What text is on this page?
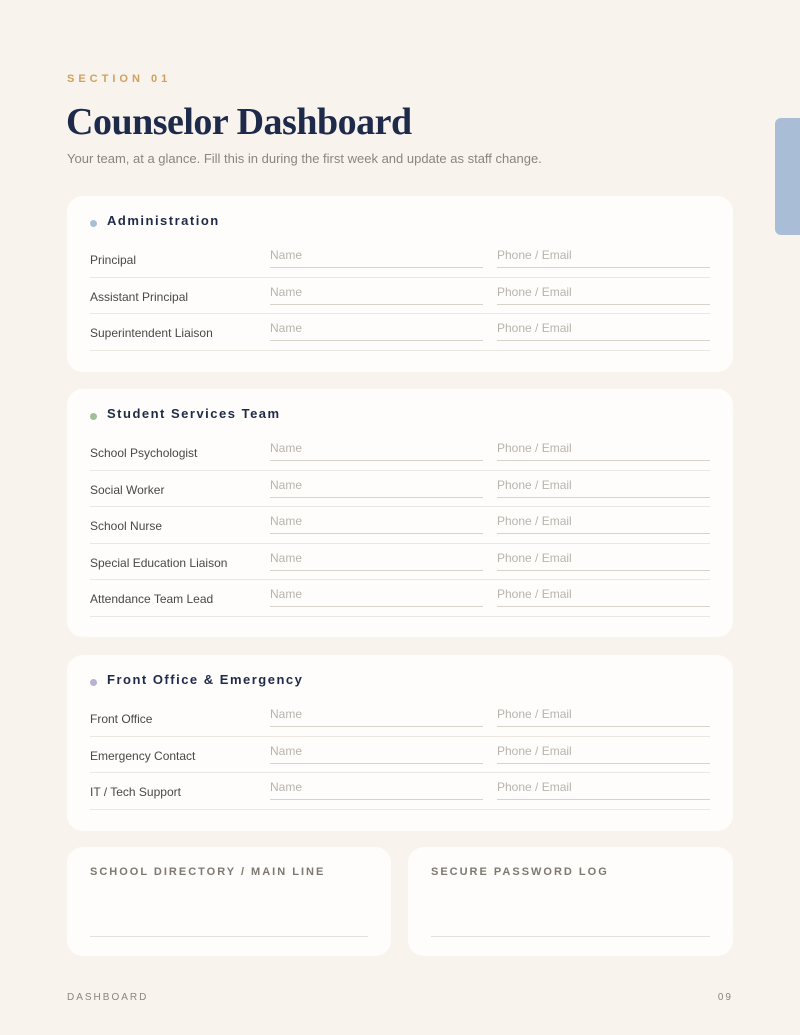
SECTION 01
Counselor Dashboard

Your team, at a glance. Fill this in during the first week and update as staff change.

Administration
Principal	Name	Phone / Email
Assistant Principal	Name	Phone / Email
Superintendent Liaison	Name	Phone / Email
Student Services Team
School Psychologist	Name	Phone / Email
Social Worker	Name	Phone / Email
School Nurse	Name	Phone / Email
Special Education Liaison	Name	Phone / Email
Attendance Team Lead	Name	Phone / Email
Front Office & Emergency
Front Office	Name	Phone / Email
Emergency Contact	Name	Phone / Email
IT / Tech Support	Name	Phone / Email
SCHOOL DIRECTORY / MAIN LINE	SECURE PASSWORD LOG
DASHBOARD	09
